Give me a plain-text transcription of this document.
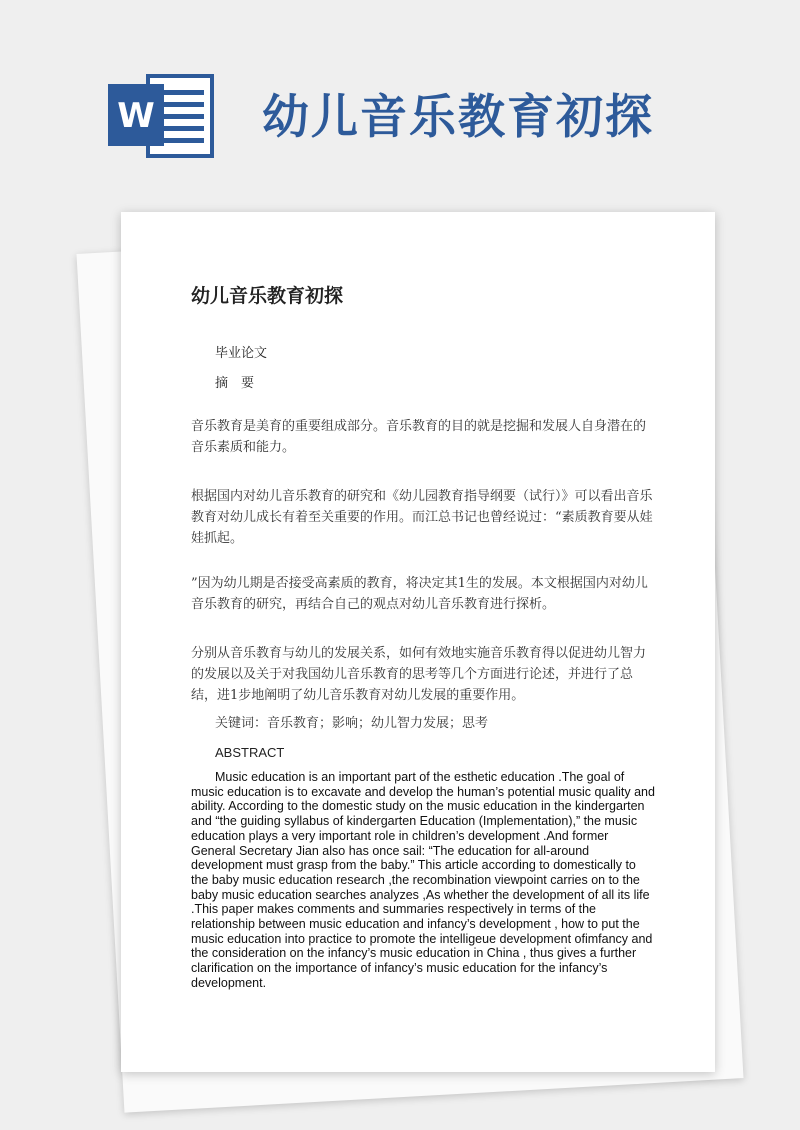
W 幼儿音乐教育初探
幼儿音乐教育初探
毕业论文
摘　要

音乐教育是美育的重要组成部分。音乐教育的目的就是挖掘和发展人自身潜在的音乐素质和能力。

根据国内对幼儿音乐教育的研究和《幼儿园教育指导纲要（试行）》可以看出音乐教育对幼儿成长有着至关重要的作用。而江总书记也曾经说过：“素质教育要从娃娃抓起。

”因为幼儿期是否接受高素质的教育，将决定其1生的发展。本文根据国内对幼儿音乐教育的研究，再结合自己的观点对幼儿音乐教育进行探析。

分别从音乐教育与幼儿的发展关系，如何有效地实施音乐教育得以促进幼儿智力的发展以及关于对我国幼儿音乐教育的思考等几个方面进行论述，并进行了总结，进1步地阐明了幼儿音乐教育对幼儿发展的重要作用。

关键词：音乐教育；影响；幼儿智力发展；思考
ABSTRACT

Music education is an important part of the esthetic education .The goal of music education is to excavate and develop the human’s potential music quality and ability. According to the domestic study on the music education in the kindergarten and “the guiding syllabus of kindergarten Education (Implementation),” the music education plays a very important role in children’s development .And former General Secretary Jian also has once sail: “The education for all-around development must grasp from the baby.” This article according to domestically to the baby music education research ,the recombination viewpoint carries on to the baby music education searches analyzes ,As whether the development of all its life .This paper makes comments and summaries respectively in terms of the relationship between music education and infancy’s development , how to put the music education into practice to promote the intelligeue development ofimfancy and the consideration on the infancy’s music education in China , thus gives a further clarification on the importance of infancy’s music education for the infancy’s development.
